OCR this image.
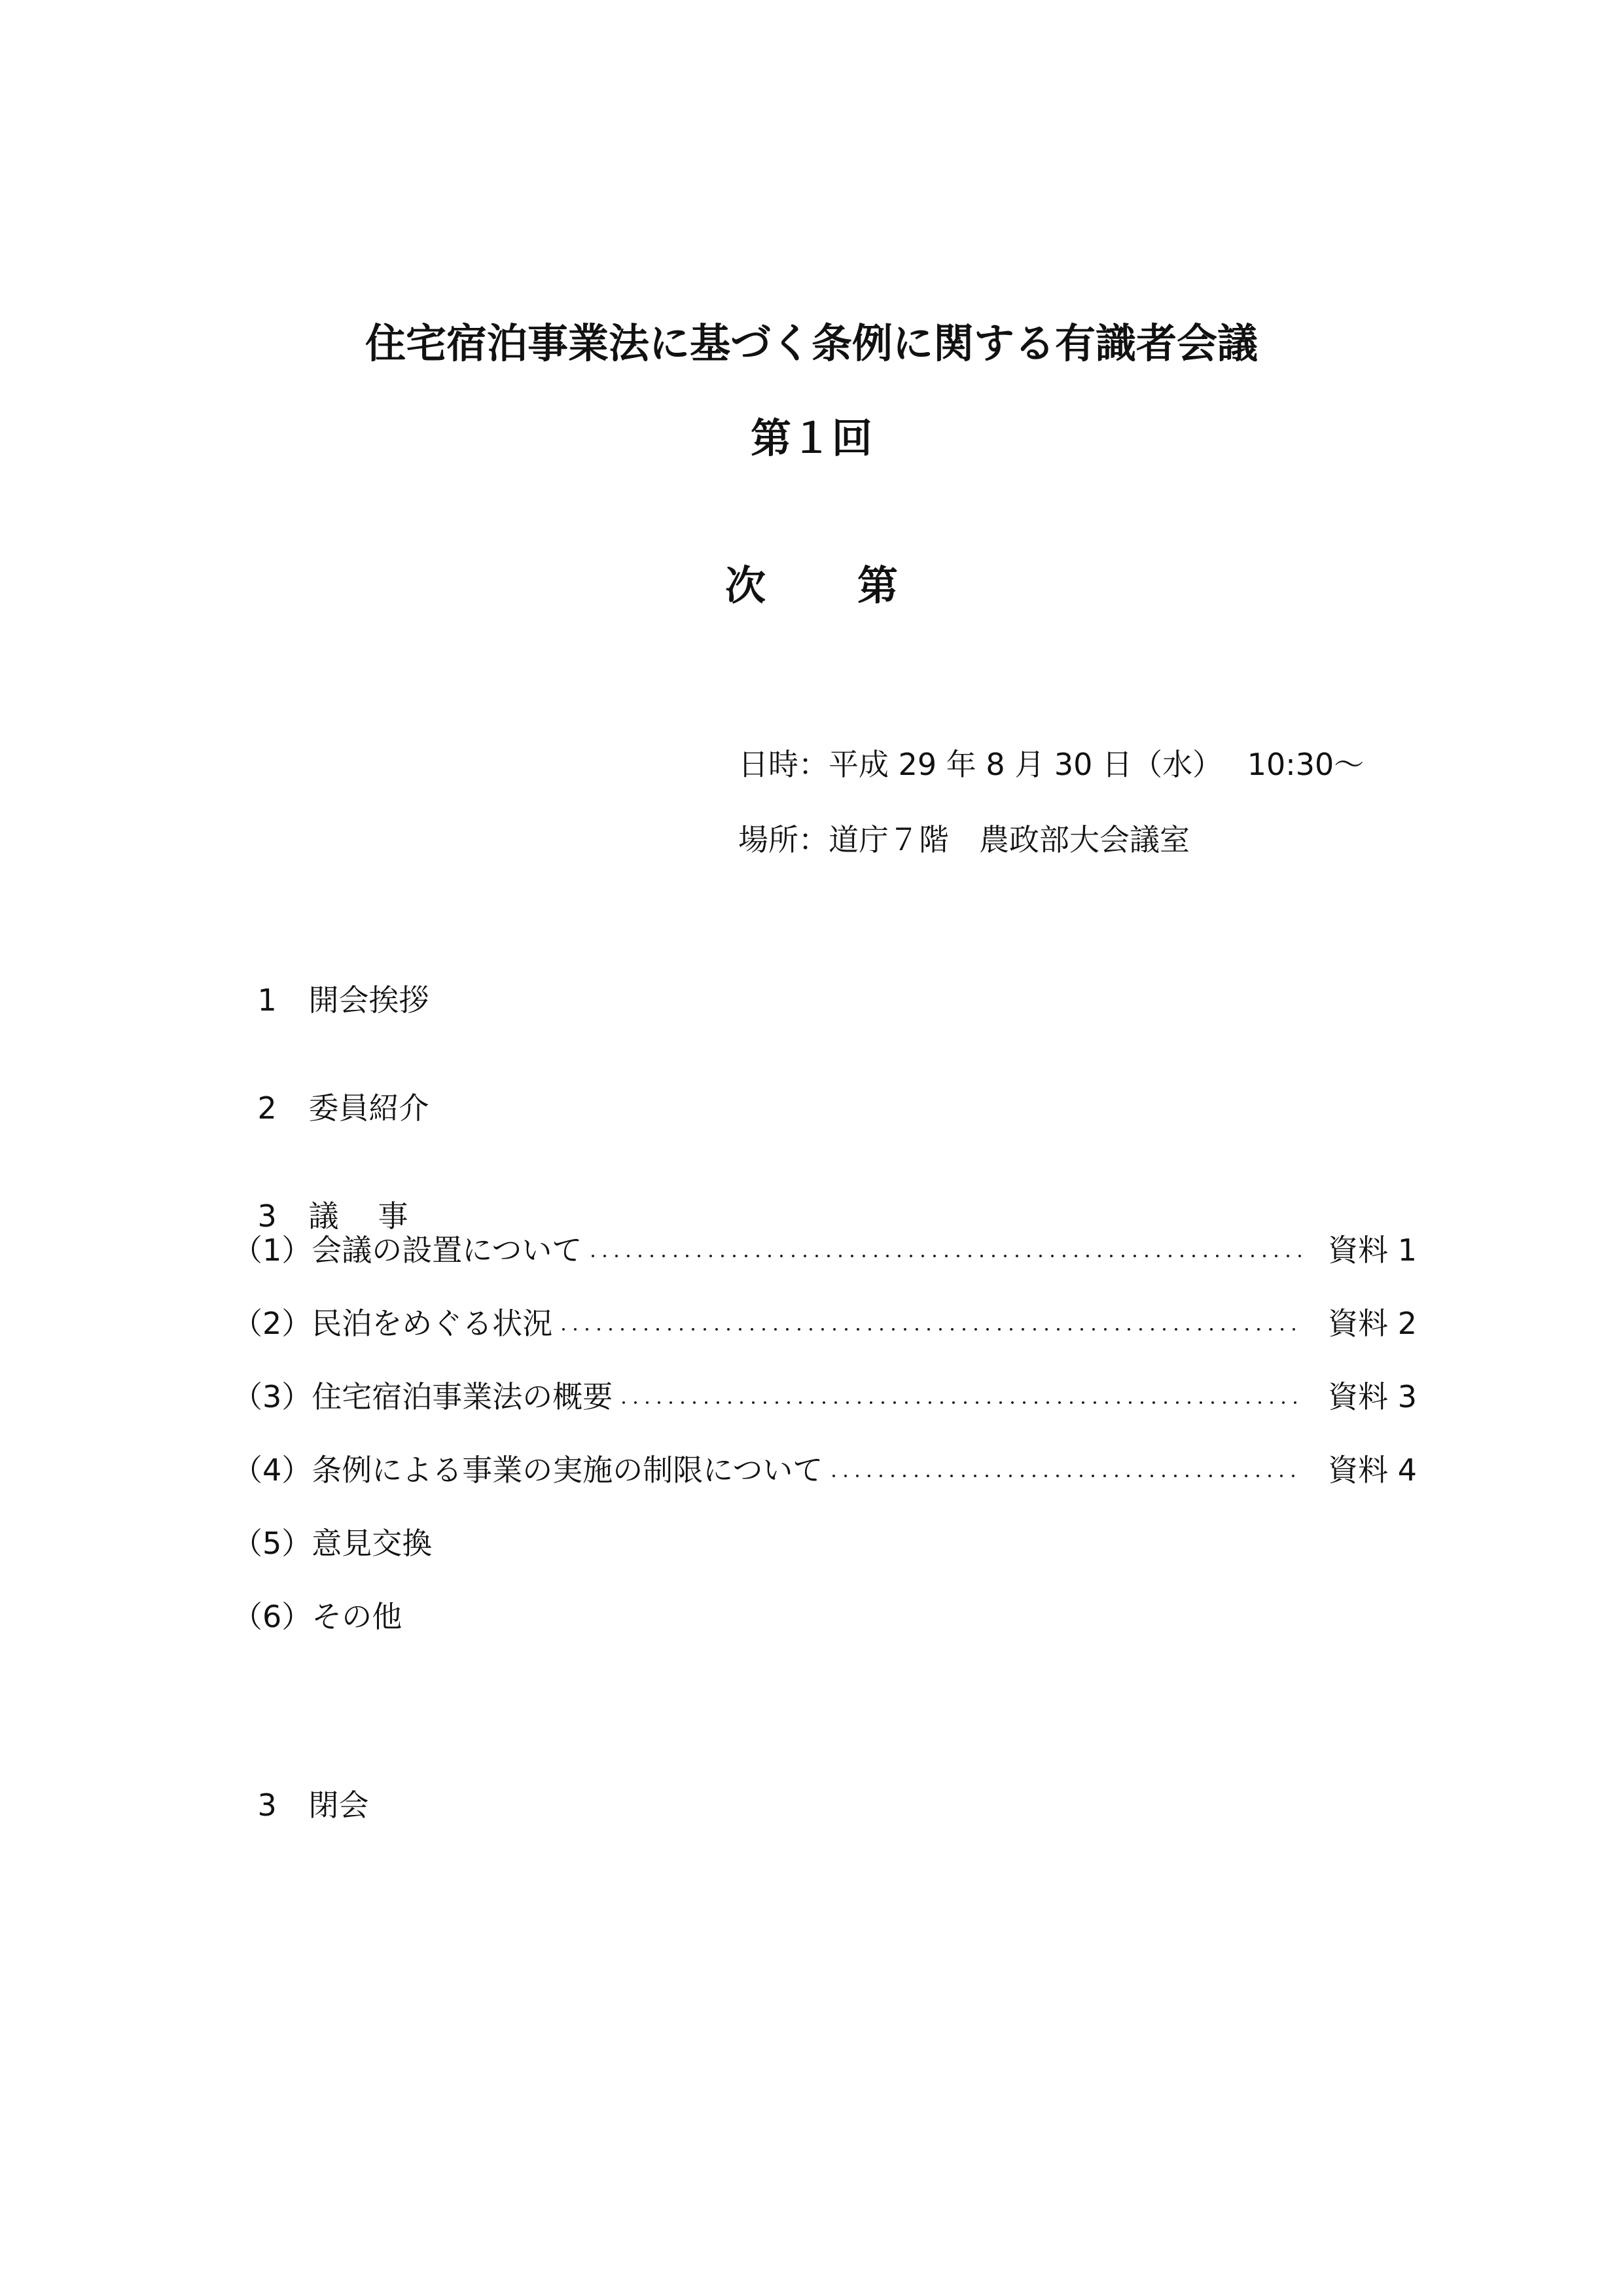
住宅宿泊事業法に基づく条例に関する有識者会議
第１回
次 第
日時：平成 29 年 8 月 30 日（水）　 10:30～
場所：道庁７階　農政部大会議室

1 開会挨拶

2 委員紹介

3 議 事

（1） 会議の設置について	資料 1
（2） 民泊をめぐる状況	資料 2
（3） 住宅宿泊事業法の概要	資料 3
（4） 条例による事業の実施の制限について	資料 4
（5） 意見交換
（6） その他

3 閉会
